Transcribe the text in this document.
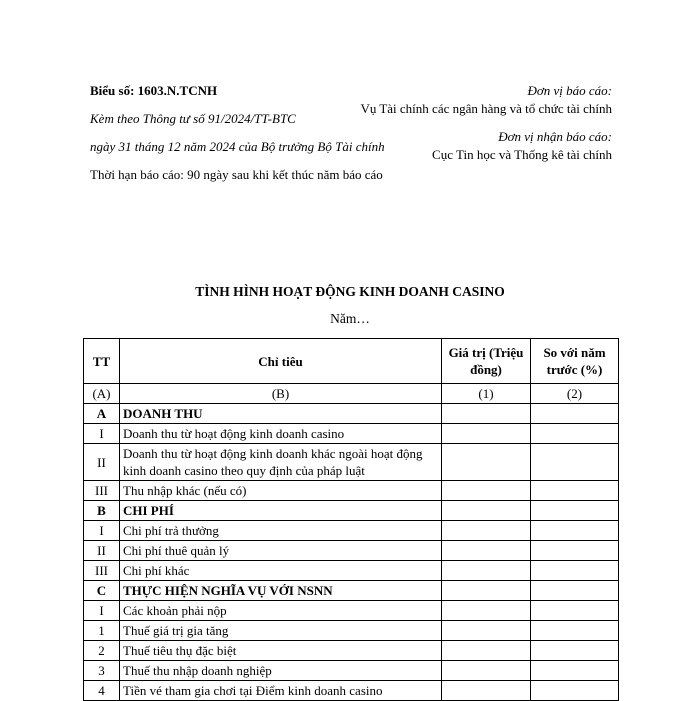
Biểu số: 1603.N.TCNH

Kèm theo Thông tư số 91/2024/TT-BTC

ngày 31 tháng 12 năm 2024 của Bộ trưởng Bộ Tài chính

Thời hạn báo cáo: 90 ngày sau khi kết thúc năm báo cáo

Đơn vị báo cáo:

Vụ Tài chính các ngân hàng và tổ chức tài chính

Đơn vị nhận báo cáo:

Cục Tin học và Thống kê tài chính

TÌNH HÌNH HOẠT ĐỘNG KINH DOANH CASINO
Năm…
TT	Chỉ tiêu	Giá trị (Triệu đồng)	So với năm trước (%)
(A)	(B)	(1)	(2)
A	DOANH THU		
I	Doanh thu từ hoạt động kinh doanh casino		
II	Doanh thu từ hoạt động kinh doanh khác ngoài hoạt động kinh doanh casino theo quy định của pháp luật		
III	Thu nhập khác (nếu có)		
B	CHI PHÍ		
I	Chi phí trả thưởng		
II	Chi phí thuê quản lý		
III	Chi phí khác		
C	THỰC HIỆN NGHĨA VỤ VỚI NSNN		
I	Các khoản phải nộp		
1	Thuế giá trị gia tăng		
2	Thuế tiêu thụ đặc biệt		
3	Thuế thu nhập doanh nghiệp		
4	Tiền vé tham gia chơi tại Điểm kinh doanh casino		
